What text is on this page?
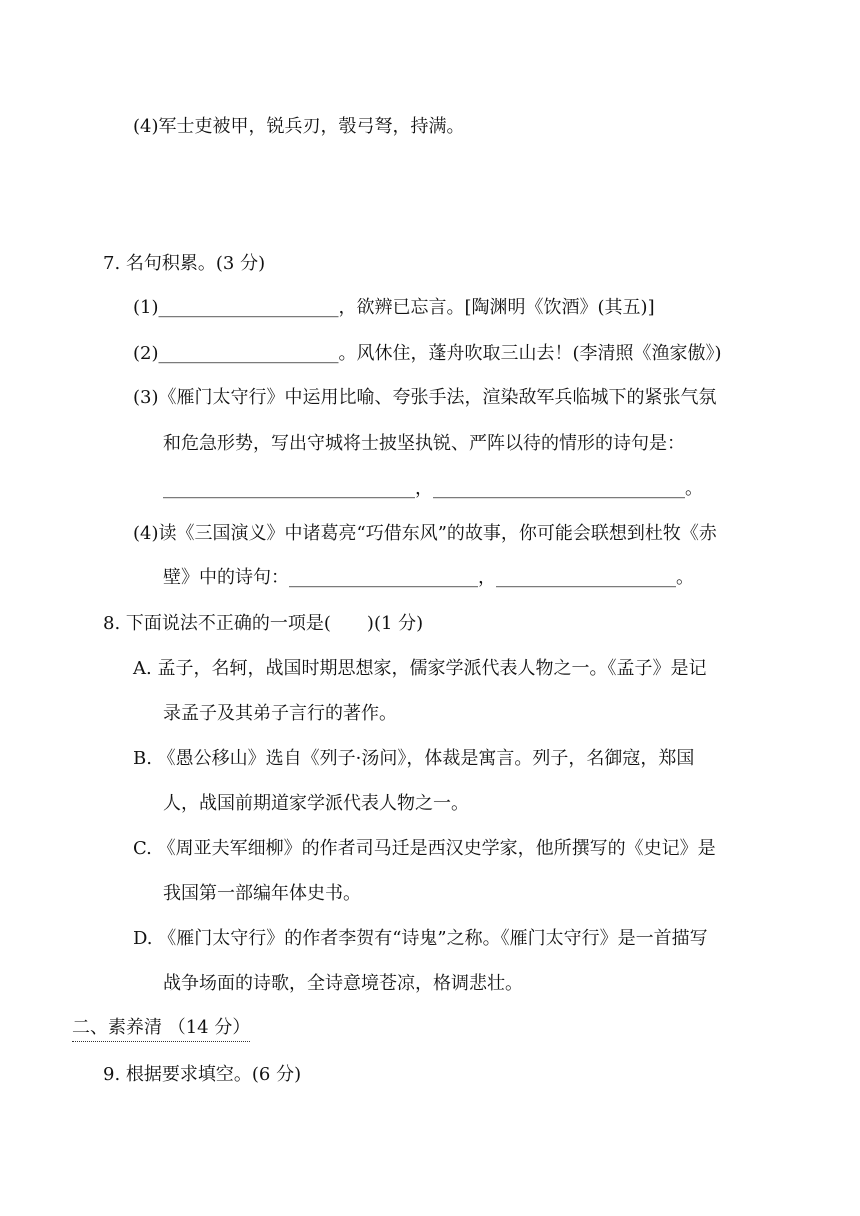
(4)军士吏被甲，锐兵刃，彀弓弩，持满。
7. 名句积累。(3 分)
(1)____________________，欲辨已忘言。[陶渊明《饮酒》(其五)]
(2)____________________。风休住，蓬舟吹取三山去！(李清照《渔家傲》)
(3)《雁门太守行》中运用比喻、夸张手法，渲染敌军兵临城下的紧张气氛
和危急形势，写出守城将士披坚执锐、严阵以待的情形的诗句是：
____________________________，____________________________。
(4)读《三国演义》中诸葛亮“巧借东风”的故事，你可能会联想到杜牧《赤
壁》中的诗句：_____________________，____________________。
8. 下面说法不正确的一项是(　　)(1 分)
A. 孟子，名轲，战国时期思想家，儒家学派代表人物之一。《孟子》是记
录孟子及其弟子言行的著作。
B. 《愚公移山》选自《列子·汤问》，体裁是寓言。列子，名御寇，郑国
人，战国前期道家学派代表人物之一。
C. 《周亚夫军细柳》的作者司马迁是西汉史学家，他所撰写的《史记》是
我国第一部编年体史书。
D. 《雁门太守行》的作者李贺有“诗鬼”之称。《雁门太守行》是一首描写
战争场面的诗歌，全诗意境苍凉，格调悲壮。
二、素养清 （14 分）
9. 根据要求填空。(6 分)
